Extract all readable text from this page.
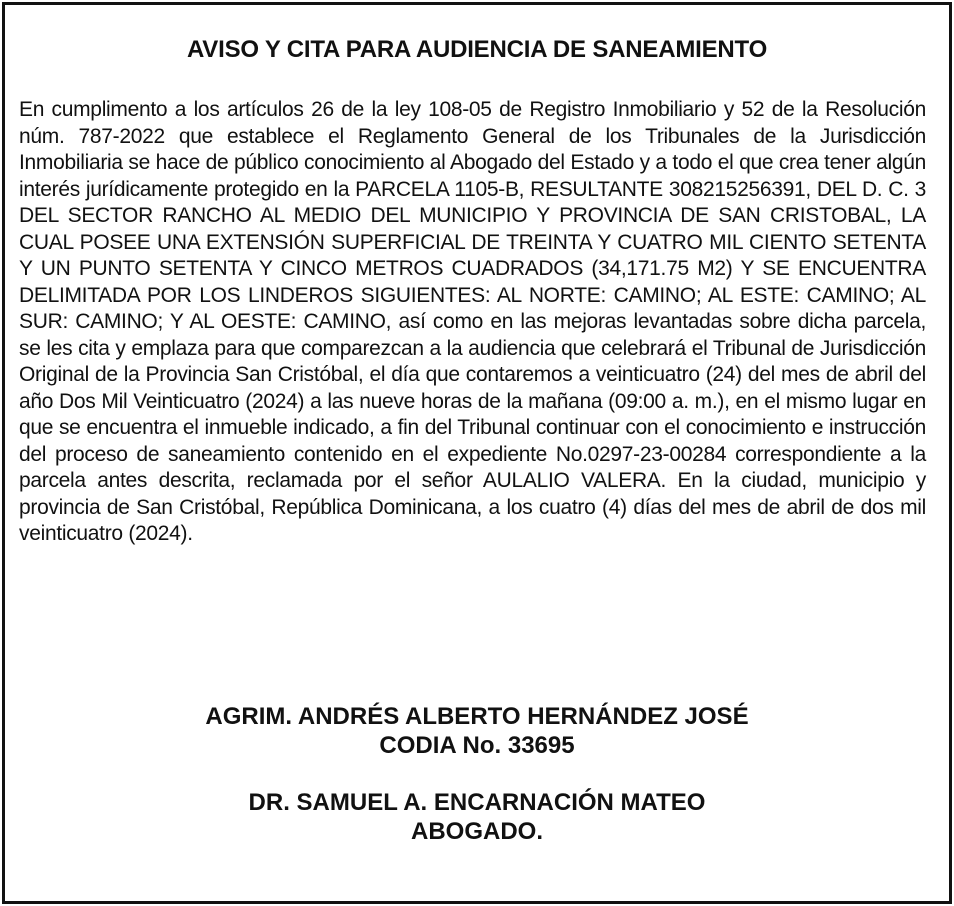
AVISO Y CITA PARA AUDIENCIA DE SANEAMIENTO

En cumplimento a los artículos 26 de la ley 108-05 de Registro Inmobiliario y 52 de la Resolución núm. 787-2022 que establece el Reglamento General de los Tribunales de la Jurisdicción Inmobiliaria se hace de público conocimiento al Abogado del Estado y a todo el que crea tener algún interés jurídicamente protegido en la PARCELA 1105-B, RESULTANTE 308215256391, DEL D. C. 3 DEL SECTOR RANCHO AL MEDIO DEL MUNICIPIO Y PROVINCIA DE SAN CRISTOBAL, LA CUAL POSEE UNA EXTENSIÓN SUPERFICIAL DE TREINTA Y CUATRO MIL CIENTO SETENTA Y UN PUNTO SETENTA Y CINCO METROS CUADRADOS (34,171.75 M2) Y SE ENCUENTRA DELIMITADA POR LOS LINDEROS SIGUIENTES: AL NORTE: CAMINO; AL ESTE: CAMINO; AL SUR: CAMINO; Y AL OESTE: CAMINO, así como en las mejoras levantadas sobre dicha parcela, se les cita y emplaza para que comparezcan a la audiencia que celebrará el Tribunal de Jurisdicción Original de la Provincia San Cristóbal, el día que contaremos a veinticuatro (24) del mes de abril del año Dos Mil Veinticuatro (2024) a las nueve horas de la mañana (09:00 a. m.), en el mismo lugar en que se encuentra el inmueble indicado, a fin del Tribunal continuar con el conocimiento e instrucción del proceso de saneamiento contenido en el expediente No.0297-23-00284 correspondiente a la parcela antes descrita, reclamada por el señor AULALIO VALERA. En la ciudad, municipio y provincia de San Cristóbal, República Dominicana, a los cuatro (4) días del mes de abril de dos mil veinticuatro (2024).

AGRIM. ANDRÉS ALBERTO HERNÁNDEZ JOSÉ
CODIA No. 33695
DR. SAMUEL A. ENCARNACIÓN MATEO
ABOGADO.
